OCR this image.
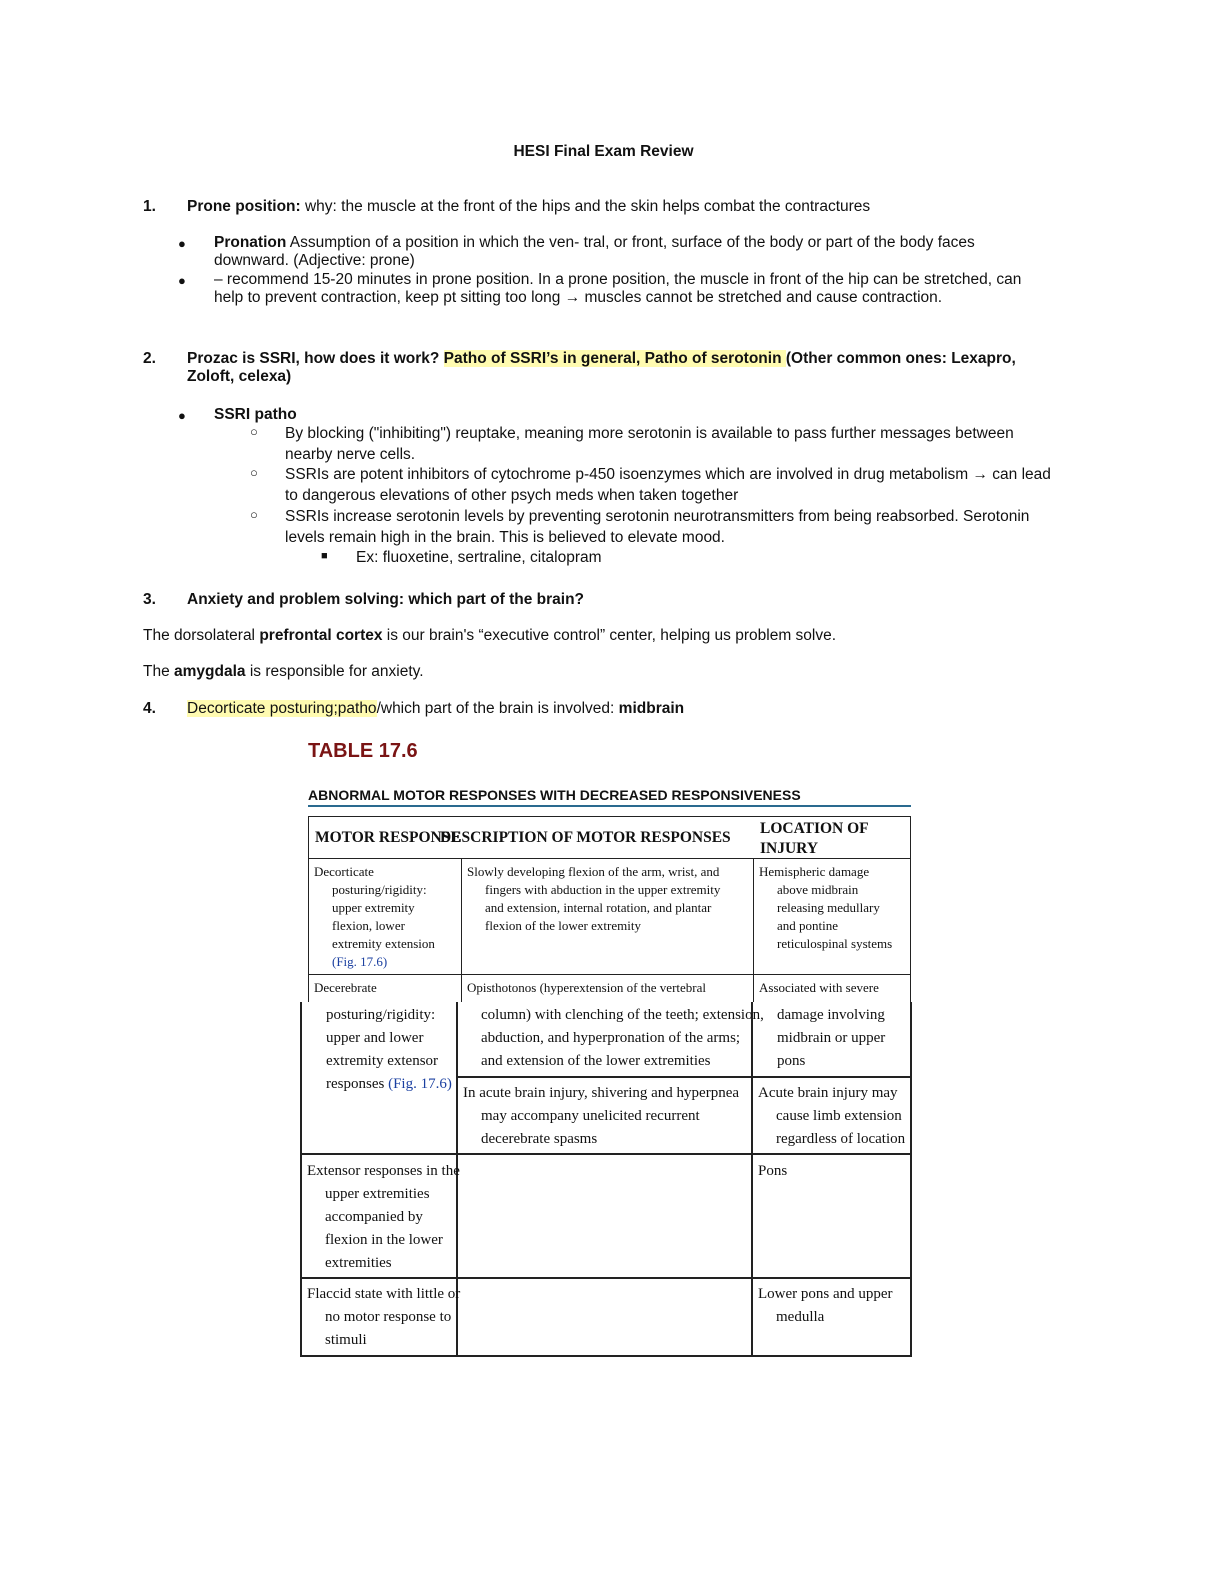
HESI Final Exam Review
1. Prone position: why: the muscle at the front of the hips and the skin helps combat the contractures
● Pronation Assumption of a position in which the ven- tral, or front, surface of the body or part of the body faces
downward. (Adjective: prone)
● – recommend 15-20 minutes in prone position. In a prone position, the muscle in front of the hip can be stretched, can
help to prevent contraction, keep pt sitting too long → muscles cannot be stretched and cause contraction.
2. Prozac is SSRI, how does it work? Patho of SSRI’s in general, Patho of serotonin (Other common ones: Lexapro,
Zoloft, celexa)
● SSRI patho
○ By blocking ("inhibiting") reuptake, meaning more serotonin is available to pass further messages between
nearby nerve cells.
○ SSRIs are potent inhibitors of cytochrome p-450 isoenzymes which are involved in drug metabolism → can lead
to dangerous elevations of other psych meds when taken together
○ SSRIs increase serotonin levels by preventing serotonin neurotransmitters from being reabsorbed. Serotonin
levels remain high in the brain. This is believed to elevate mood.
■ Ex: fluoxetine, sertraline, citalopram
3. Anxiety and problem solving: which part of the brain?
The dorsolateral prefrontal cortex is our brain's “executive control” center, helping us problem solve.
The amygdala is responsible for anxiety.
4. Decorticate posturing;patho/which part of the brain is involved: midbrain
TABLE 17.6
ABNORMAL MOTOR RESPONSES WITH DECREASED RESPONSIVENESS
MOTOR RESPONSE
DESCRIPTION OF MOTOR RESPONSES
LOCATION OF
INJURY
Decorticate
posturing/rigidity:
upper extremity
flexion, lower
extremity extension
(Fig. 17.6)
Slowly developing flexion of the arm, wrist, and
fingers with abduction in the upper extremity
and extension, internal rotation, and plantar
flexion of the lower extremity
Hemispheric damage
above midbrain
releasing medullary
and pontine
reticulospinal systems
Decerebrate	Opisthotonos (hyperextension of the vertebral	Associated with severe
posturing/rigidity:
upper and lower
extremity extensor
responses (Fig. 17.6)
column) with clenching of the teeth; extension,
abduction, and hyperpronation of the arms;
and extension of the lower extremities
damage involving
midbrain or upper
pons
In acute brain injury, shivering and hyperpnea
may accompany unelicited recurrent
decerebrate spasms
Acute brain injury may
cause limb extension
regardless of location
Extensor responses in the
upper extremities
accompanied by
flexion in the lower
extremities
Pons
Flaccid state with little or
no motor response to
stimuli
Lower pons and upper
medulla
